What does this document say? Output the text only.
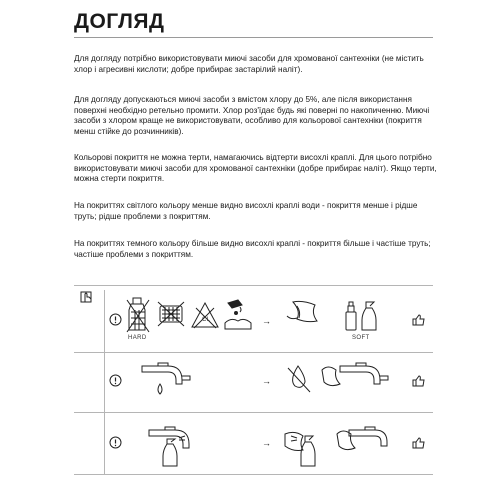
ДОГЛЯД

Для догляду потрібно використовувати миючі засоби для хромованої сантехніки (не містить хлор і агресивні кислоти; добре прибирає застарілий наліт).

Для догляду допускаються миючі засоби з вмістом хлору до 5%, але після використання поверхні необхідно ретельно промити. Хлор роз'їдає будь які поверні по накопиченню. Миючі засоби з хлором краще не використовувати, особливо для кольорової сантехніки (покриття менш стійке до розчинників).

Кольорові покриття не можна терти, намагаючись відтерти висохлі краплі. Для цього потрібно використовувати миючі засоби для хромованої сантехніки (добре прибирає наліт). Якщо терти, можна стерти покриття.

На покриттях світлого кольору менше видно висохлі краплі води - покриття менше і рідше труть; рідше проблеми з покриттям.

На покриттях темного кольору більше видно висохлі краплі - покриття більше і частіше труть; частіше проблеми з покриттям.

HARD
CL	→
SOFT
→
→
